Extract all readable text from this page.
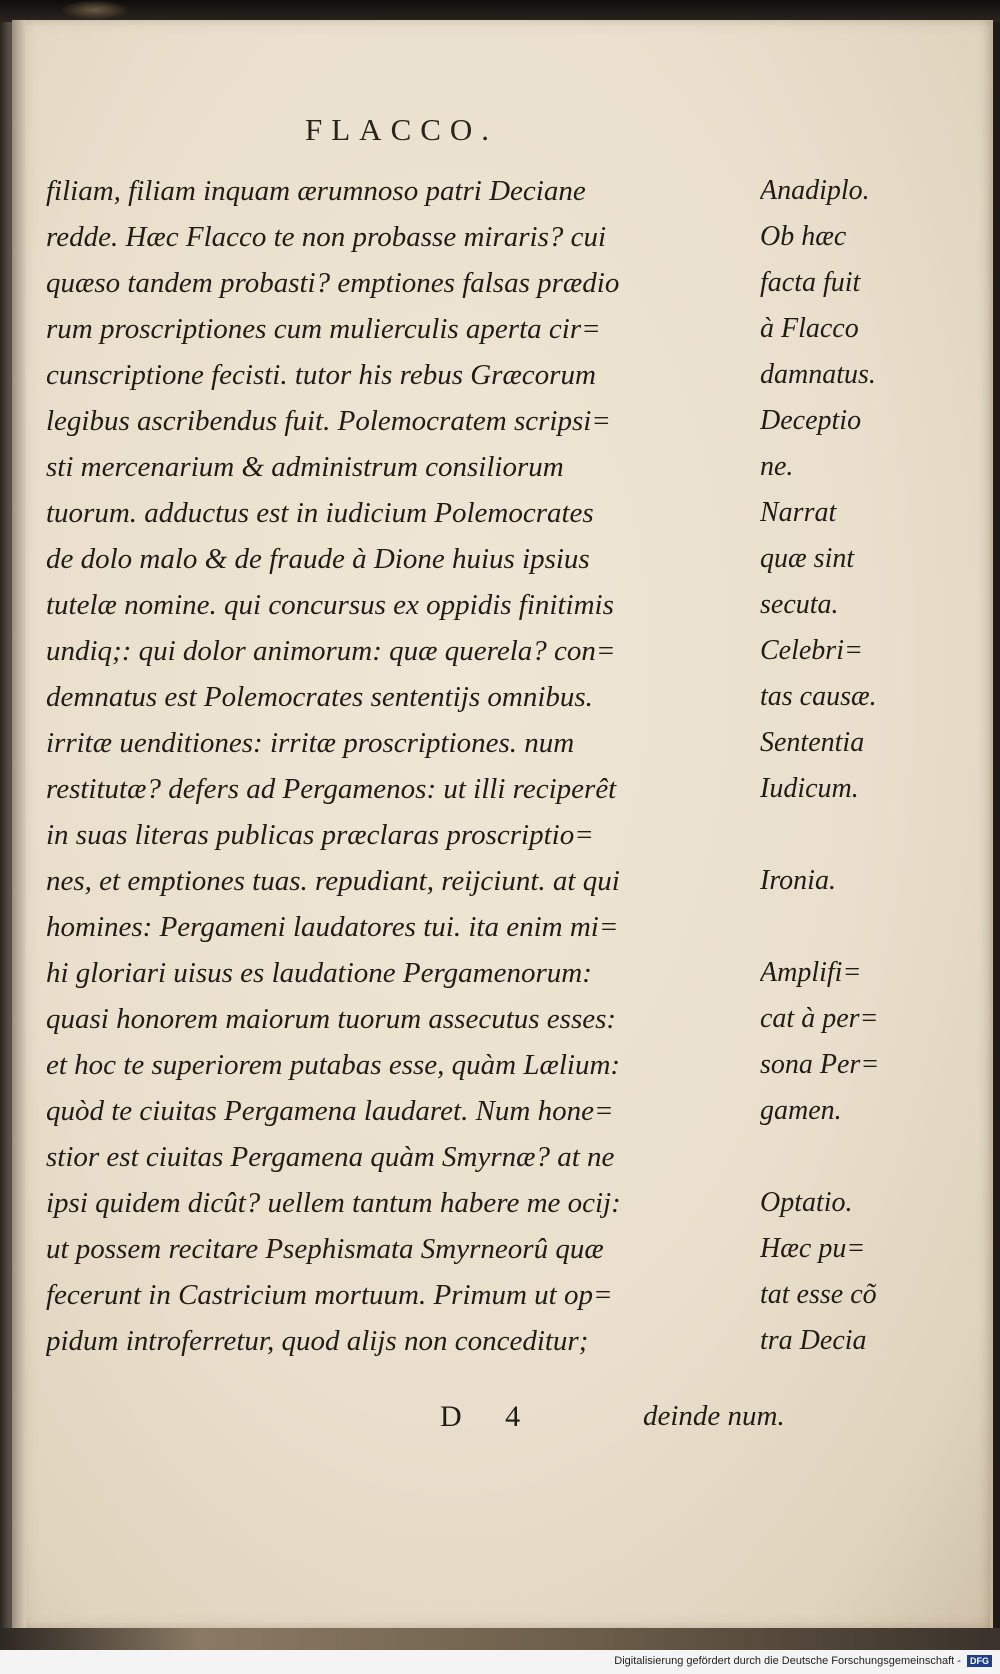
FLACCO.
filiam, filiam inquam ærumnoso patri Deciane
redde. Hæc Flacco te non probasse miraris? cui
quæso tandem probasti? emptiones falsas prædio
rum proscriptiones cum mulierculis aperta cir=
cunscriptione fecisti. tutor his rebus Græcorum
legibus ascribendus fuit. Polemocratem scripsi=
sti mercenarium & administrum consiliorum
tuorum. adductus est in iudicium Polemocrates
de dolo malo & de fraude à Dione huius ipsius
tutelæ nomine. qui concursus ex oppidis finitimis
undiq;: qui dolor animorum: quæ querela? con=
demnatus est Polemocrates sententijs omnibus.
irritæ uenditiones: irritæ proscriptiones. num
restitutæ? defers ad Pergamenos: ut illi reciperêt
in suas literas publicas præclaras proscriptio=
nes, et emptiones tuas. repudiant, reijciunt. at qui
homines: Pergameni laudatores tui. ita enim mi=
hi gloriari uisus es laudatione Pergamenorum:
quasi honorem maiorum tuorum assecutus esses:
et hoc te superiorem putabas esse, quàm Lælium:
quòd te ciuitas Pergamena laudaret. Num hone=
stior est ciuitas Pergamena quàm Smyrnæ? at ne
ipsi quidem dicût? uellem tantum habere me ocij:
ut possem recitare Psephismata Smyrneorû quæ
fecerunt in Castricium mortuum. Primum ut op=
pidum introferretur, quod alijs non conceditur;
Anadiplo.
Ob hæc
facta fuit
à Flacco
damnatus.
Deceptio
ne.
Narrat
quæ sint
secuta.
Celebri=
tas causæ.
Sententia
Iudicum.
Ironia.
Amplifi=
cat à per=
sona Per=
gamen.
Optatio.
Hæc pu=
tat esse cõ
tra Decia
D 4	deinde num.
Digitalisierung gefördert durch die Deutsche Forschungsgemeinschaft - DFG
